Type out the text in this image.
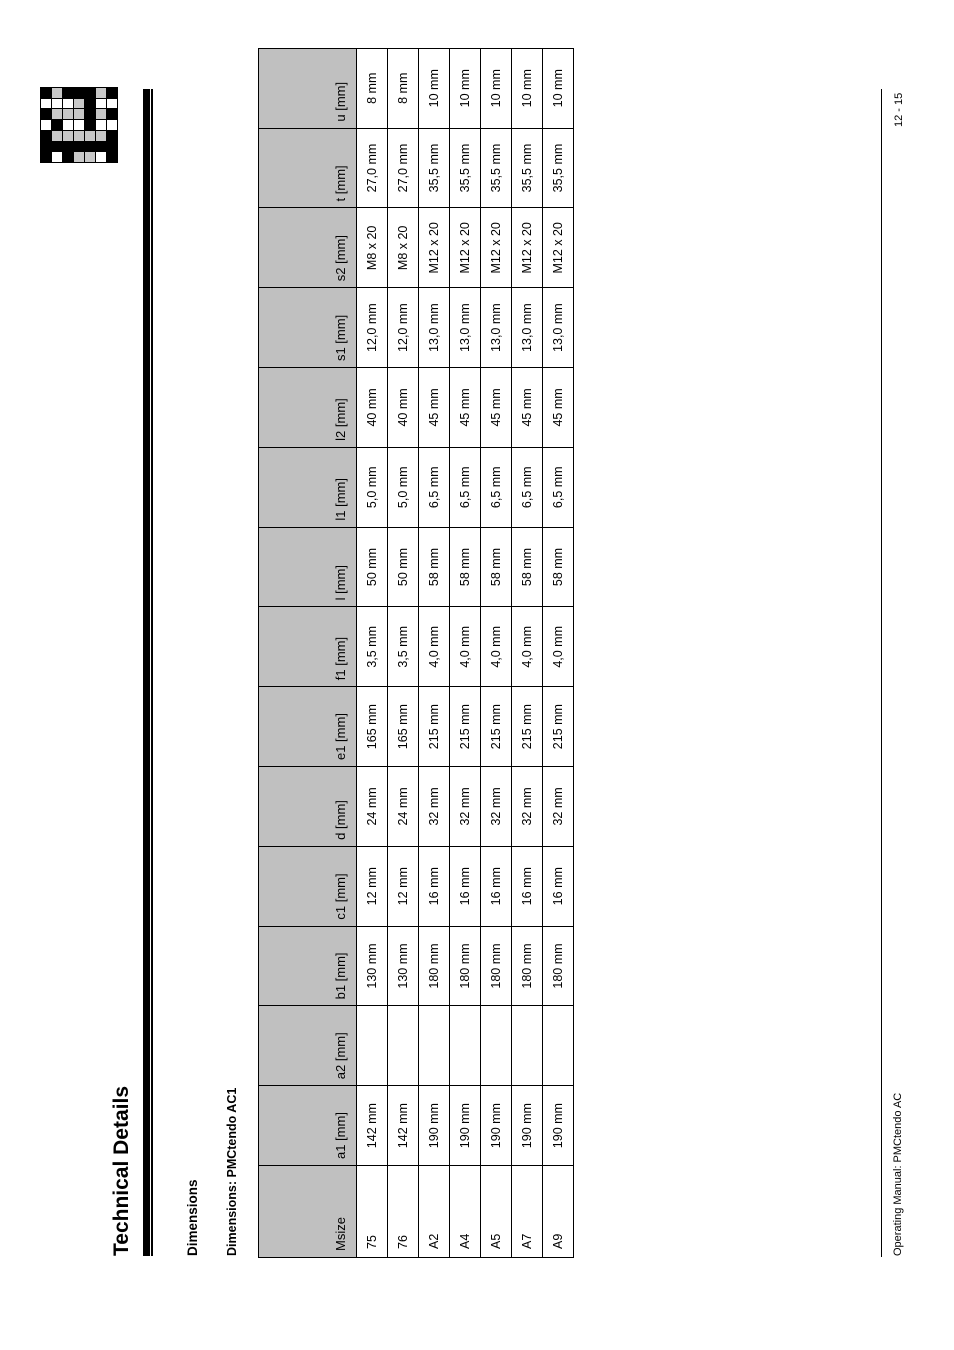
Technical Details	Dimensions Dimensions: PMCtendo AC1	Msize	a1 [mm]	a2 [mm]	b1 [mm]	c1 [mm]	d [mm]	e1 [mm]	f1 [mm]	l [mm]	l1 [mm]	l2 [mm]	s1 [mm]	s2 [mm]	t [mm]	u [mm]
75	142 mm		130 mm	12 mm	24 mm	165 mm	3,5 mm	50 mm	5,0 mm	40 mm	12,0 mm	M8 x 20	27,0 mm	8 mm
76	142 mm		130 mm	12 mm	24 mm	165 mm	3,5 mm	50 mm	5,0 mm	40 mm	12,0 mm	M8 x 20	27,0 mm	8 mm
A2	190 mm		180 mm	16 mm	32 mm	215 mm	4,0 mm	58 mm	6,5 mm	45 mm	13,0 mm	M12 x 20	35,5 mm	10 mm
A4	190 mm		180 mm	16 mm	32 mm	215 mm	4,0 mm	58 mm	6,5 mm	45 mm	13,0 mm	M12 x 20	35,5 mm	10 mm
A5	190 mm		180 mm	16 mm	32 mm	215 mm	4,0 mm	58 mm	6,5 mm	45 mm	13,0 mm	M12 x 20	35,5 mm	10 mm
A7	190 mm		180 mm	16 mm	32 mm	215 mm	4,0 mm	58 mm	6,5 mm	45 mm	13,0 mm	M12 x 20	35,5 mm	10 mm
A9	190 mm		180 mm	16 mm	32 mm	215 mm	4,0 mm	58 mm	6,5 mm	45 mm	13,0 mm	M12 x 20	35,5 mm	10 mm
Operating Manual: PMCtendo AC
12 - 15
